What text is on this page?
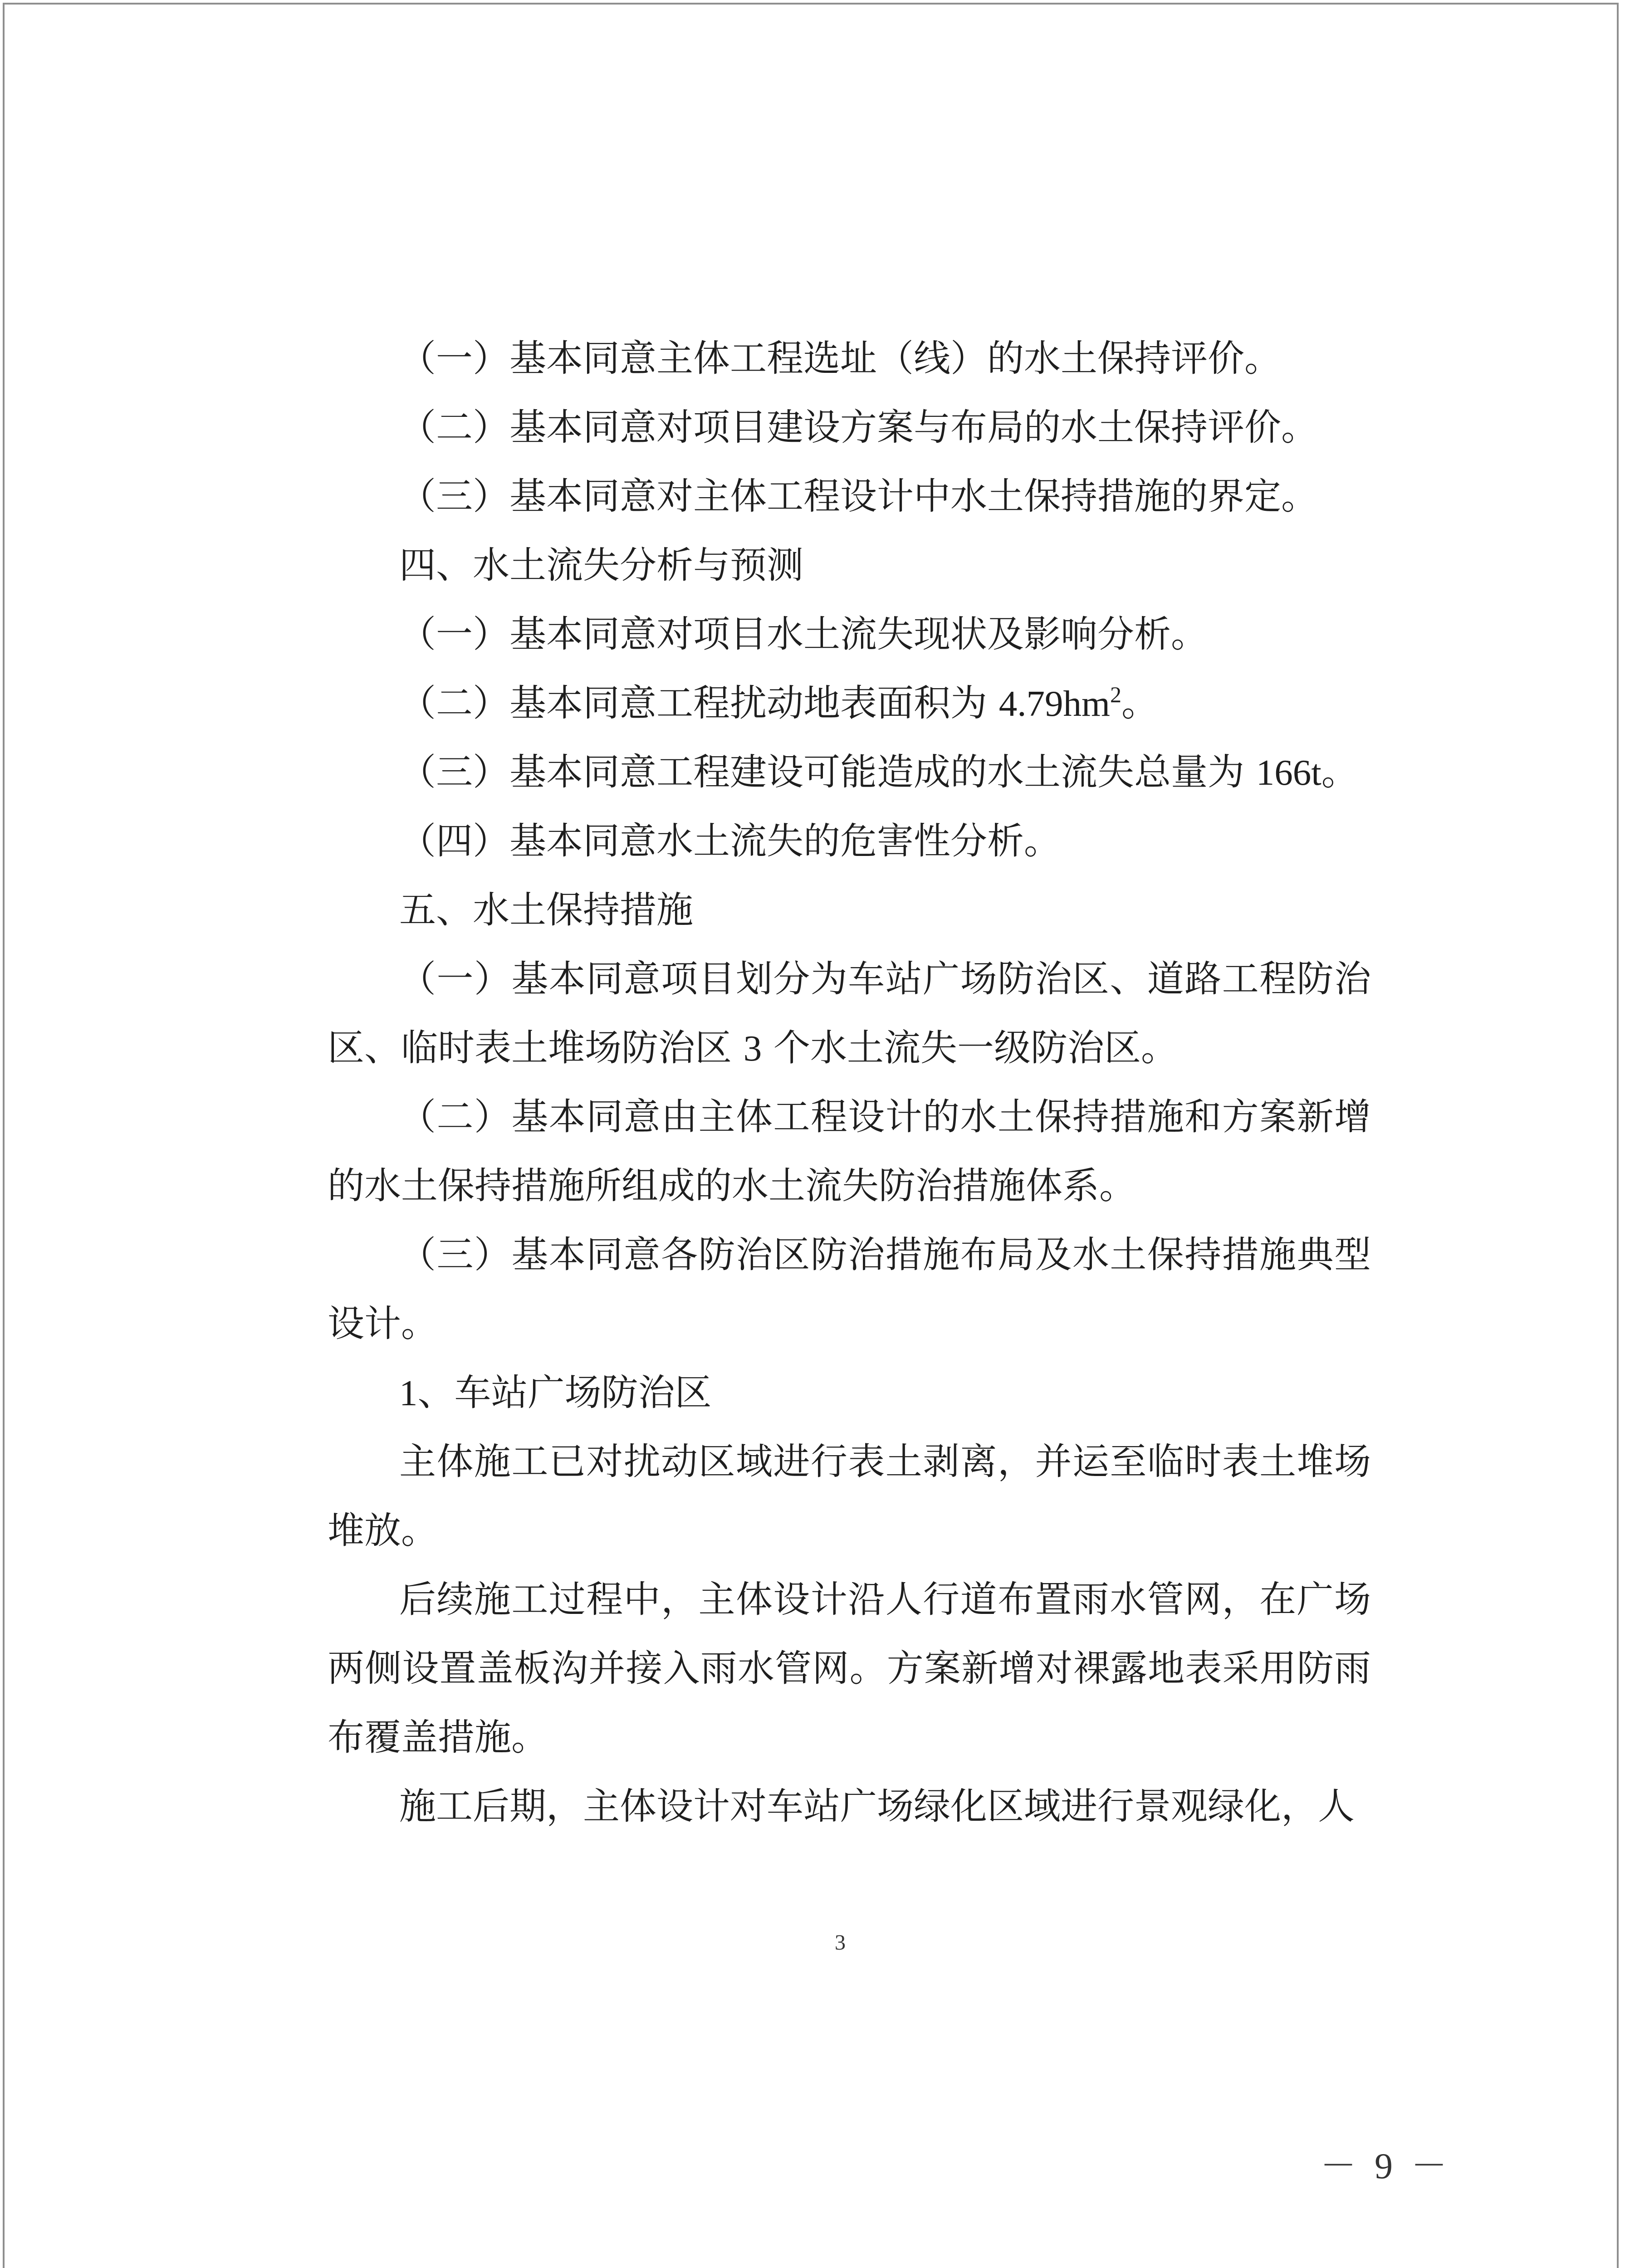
（一）基本同意主体工程选址（线）的水土保持评价。

（二）基本同意对项目建设方案与布局的水土保持评价。

（三）基本同意对主体工程设计中水土保持措施的界定。

四、水土流失分析与预测

（一）基本同意对项目水土流失现状及影响分析。

（二）基本同意工程扰动地表面积为 $4.79hm^2$。

（三）基本同意工程建设可能造成的水土流失总量为 166t。

（四）基本同意水土流失的危害性分析。

五、水土保持措施

（一）基本同意项目划分为车站广场防治区、道路工程防治区、临时表土堆场防治区 3 个水土流失一级防治区。

（二）基本同意由主体工程设计的水土保持措施和方案新增的水土保持措施所组成的水土流失防治措施体系。

（三）基本同意各防治区防治措施布局及水土保持措施典型设计。

1、车站广场防治区

主体施工已对扰动区域进行表土剥离，并运至临时表土堆场堆放。

后续施工过程中，主体设计沿人行道布置雨水管网，在广场两侧设置盖板沟并接入雨水管网。方案新增对裸露地表采用防雨布覆盖措施。

施工后期，主体设计对车站广场绿化区域进行景观绿化，人

3
－ 9 －
